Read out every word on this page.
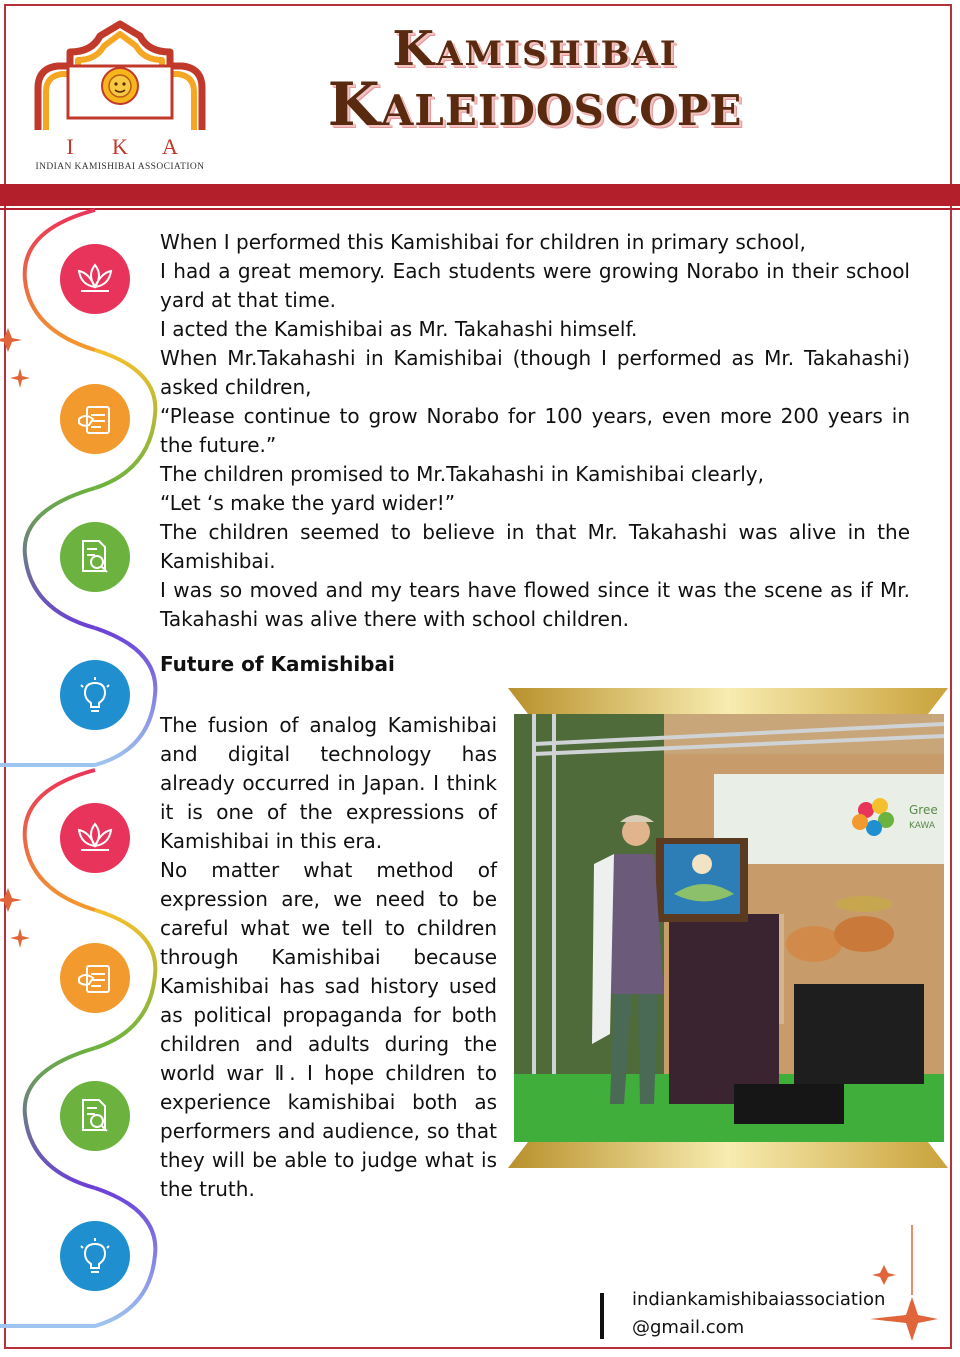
I K A
INDIAN KAMISHIBAI ASSOCIATION
Kamishibai
Kaleidoscope

When I performed this Kamishibai for children in primary school,

I had a great memory. Each students were growing Norabo in their school yard at that time.

I acted the Kamishibai as Mr. Takahashi himself.

When Mr.Takahashi in Kamishibai (though I performed as Mr. Takahashi) asked children,

“Please continue to grow Norabo for 100 years, even more 200 years in the future.”

The children promised to Mr.Takahashi in Kamishibai clearly,

“Let ‘s make the yard wider!”

The children seemed to believe in that Mr. Takahashi was alive in the Kamishibai.

I was so moved and my tears have flowed since it was the scene as if Mr. Takahashi was alive there with school children.

Future of Kamishibai

The fusion of analog Kamishibai and digital technology has already occurred in Japan. I think it is one of the expressions of Kamishibai in this era.

No matter what method of expression are, we need to be careful what we tell to children through Kamishibai because Kamishibai has sad history used as political propaganda for both children and adults during the world war Ⅱ. I hope children to experience kamishibai both as performers and audience, so that they will be able to judge what is the truth.

Gree
KAWA
indiankamishibaiassociation
@gmail.com
